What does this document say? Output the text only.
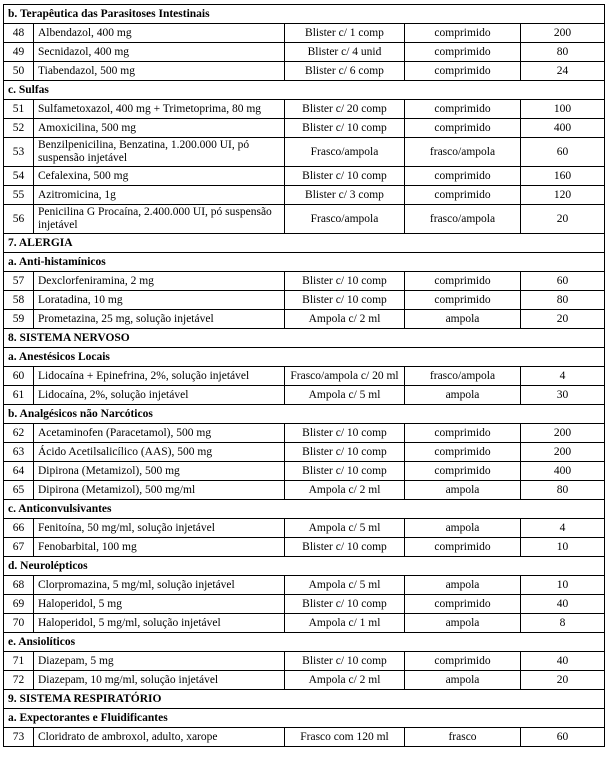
b. Terapêutica das Parasitoses Intestinais				
48	Albendazol, 400 mg	Blister c/ 1 comp	comprimido	200
49	Secnidazol, 400 mg	Blister c/ 4 unid	comprimido	80
50	Tiabendazol, 500 mg	Blister c/ 6 comp	comprimido	24
c. Sulfas				
51	Sulfametoxazol, 400 mg + Trimetoprima, 80 mg	Blister c/ 20 comp	comprimido	100
52	Amoxicilina, 500 mg	Blister c/ 10 comp	comprimido	400
53	Benzilpenicilina, Benzatina, 1.200.000 UI, pó suspensão injetável	Frasco/ampola	frasco/ampola	60
54	Cefalexina, 500 mg	Blister c/ 10 comp	comprimido	160
55	Azitromicina, 1g	Blister c/ 3 comp	comprimido	120
56	Penicilina G Procaína, 2.400.000 UI, pó suspensão injetável	Frasco/ampola	frasco/ampola	20
7. ALERGIA				
a. Anti-histamínicos				
57	Dexclorfeniramina, 2 mg	Blister c/ 10 comp	comprimido	60
58	Loratadina, 10 mg	Blister c/ 10 comp	comprimido	80
59	Prometazina, 25 mg, solução injetável	Ampola c/ 2 ml	ampola	20
8. SISTEMA NERVOSO				
a. Anestésicos Locais				
60	Lidocaína + Epinefrina, 2%, solução injetável	Frasco/ampola c/ 20 ml	frasco/ampola	4
61	Lidocaína, 2%, solução injetável	Ampola c/ 5 ml	ampola	30
b. Analgésicos não Narcóticos				
62	Acetaminofen (Paracetamol), 500 mg	Blister c/ 10 comp	comprimido	200
63	Ácido Acetilsalicílico (AAS), 500 mg	Blister c/ 10 comp	comprimido	200
64	Dipirona (Metamizol), 500 mg	Blister c/ 10 comp	comprimido	400
65	Dipirona (Metamizol), 500 mg/ml	Ampola c/ 2 ml	ampola	80
c. Anticonvulsivantes				
66	Fenitoína, 50 mg/ml, solução injetável	Ampola c/ 5 ml	ampola	4
67	Fenobarbital, 100 mg	Blister c/ 10 comp	comprimido	10
d. Neurolépticos				
68	Clorpromazina, 5 mg/ml, solução injetável	Ampola c/ 5 ml	ampola	10
69	Haloperidol, 5 mg	Blister c/ 10 comp	comprimido	40
70	Haloperidol, 5 mg/ml, solução injetável	Ampola c/ 1 ml	ampola	8
e. Ansiolíticos				
71	Diazepam, 5 mg	Blister c/ 10 comp	comprimido	40
72	Diazepam, 10 mg/ml, solução injetável	Ampola c/ 2 ml	ampola	20
9. SISTEMA RESPIRATÓRIO				
a. Expectorantes e Fluidificantes				
73	Cloridrato de ambroxol, adulto, xarope	Frasco com 120 ml	frasco	60
